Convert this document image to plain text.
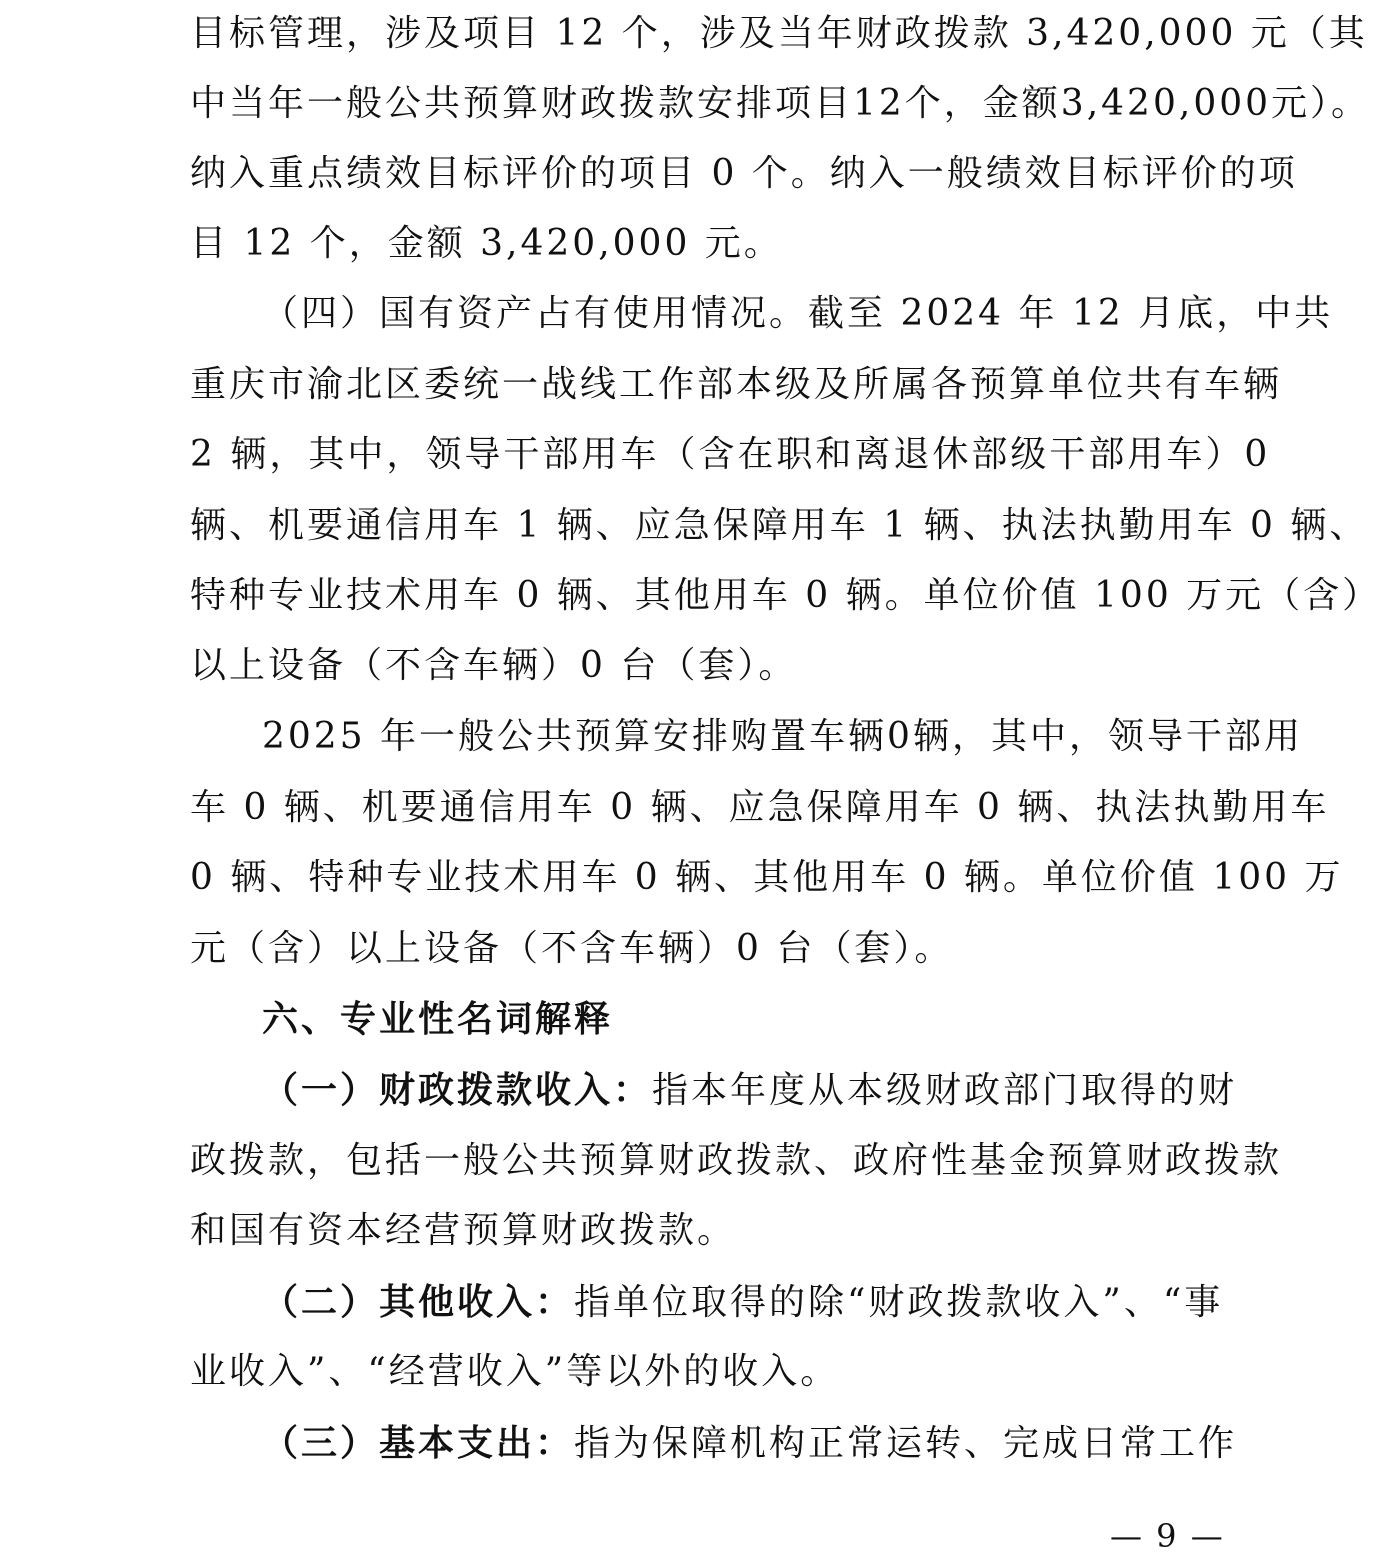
目标管理，涉及项目 12 个，涉及当年财政拨款 3,420,000 元（其
中当年一般公共预算财政拨款安排项目12个，金额3,420,000元）。
纳入重点绩效目标评价的项目 0 个。纳入一般绩效目标评价的项
目 12 个，金额 3,420,000 元。
（四）国有资产占有使用情况。截至 2024 年 12 月底，中共
重庆市渝北区委统一战线工作部本级及所属各预算单位共有车辆
2 辆，其中，领导干部用车（含在职和离退休部级干部用车）0
辆、机要通信用车 1 辆、应急保障用车 1 辆、执法执勤用车 0 辆、
特种专业技术用车 0 辆、其他用车 0 辆。单位价值 100 万元（含）
以上设备（不含车辆）0 台（套）。
2025 年一般公共预算安排购置车辆0辆，其中，领导干部用
车 0 辆、机要通信用车 0 辆、应急保障用车 0 辆、执法执勤用车
0 辆、特种专业技术用车 0 辆、其他用车 0 辆。单位价值 100 万
元（含）以上设备（不含车辆）0 台（套）。
六、专业性名词解释
（一）财政拨款收入：指本年度从本级财政部门取得的财
政拨款，包括一般公共预算财政拨款、政府性基金预算财政拨款
和国有资本经营预算财政拨款。
（二）其他收入：指单位取得的除“财政拨款收入”、“事
业收入”、“经营收入”等以外的收入。
（三）基本支出：指为保障机构正常运转、完成日常工作
— 9 —
